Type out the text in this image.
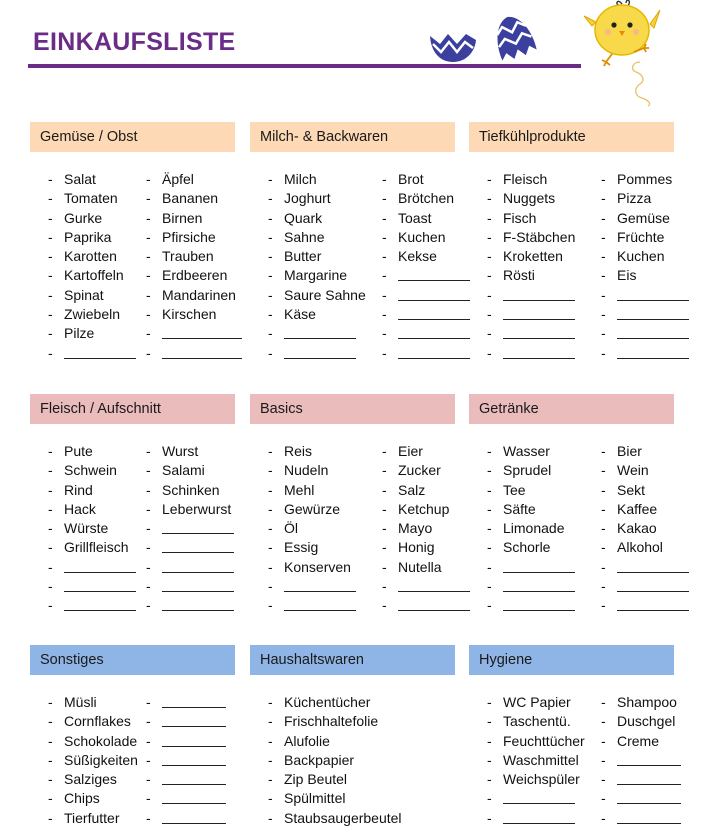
EINKAUFSLISTE
Gemüse / Obst
- Salat
- Tomaten
- Gurke
- Paprika
- Karotten
- Kartoffeln
- Spinat
- Zwiebeln
- Pilze
-
- Äpfel
- Bananen
- Birnen
- Pfirsiche
- Trauben
- Erdbeeren
- Mandarinen
- Kirschen
-
-
Milch- & Backwaren
- Milch
- Joghurt
- Quark
- Sahne
- Butter
- Margarine
- Saure Sahne
- Käse
-
-
- Brot
- Brötchen
- Toast
- Kuchen
- Kekse
-
-
-
-
-
Tiefkühlprodukte
- Fleisch
- Nuggets
- Fisch
- F-Stäbchen
- Kroketten
- Rösti
-
-
-
-
- Pommes
- Pizza
- Gemüse
- Früchte
- Kuchen
- Eis
-
-
-
-
Fleisch / Aufschnitt
- Pute
- Schwein
- Rind
- Hack
- Würste
- Grillfleisch
-
-
-
- Wurst
- Salami
- Schinken
- Leberwurst
-
-
-
-
-
Basics
- Reis
- Nudeln
- Mehl
- Gewürze
- Öl
- Essig
- Konserven
-
-
- Eier
- Zucker
- Salz
- Ketchup
- Mayo
- Honig
- Nutella
-
-
Getränke
- Wasser
- Sprudel
- Tee
- Säfte
- Limonade
- Schorle
-
-
-
- Bier
- Wein
- Sekt
- Kaffee
- Kakao
- Alkohol
-
-
-
Sonstiges
- Müsli
- Cornflakes
- Schokolade
- Süßigkeiten
- Salziges
- Chips
- Tierfutter
-
-
-
-
-
-
-
Haushaltswaren
- Küchentücher
- Frischhaltefolie
- Alufolie
- Backpapier
- Zip Beutel
- Spülmittel
- Staubsaugerbeutel
Hygiene
- WC Papier
- Taschentü.
- Feuchttücher
- Waschmittel
- Weichspüler
-
-
- Shampoo
- Duschgel
- Creme
-
-
-
-
